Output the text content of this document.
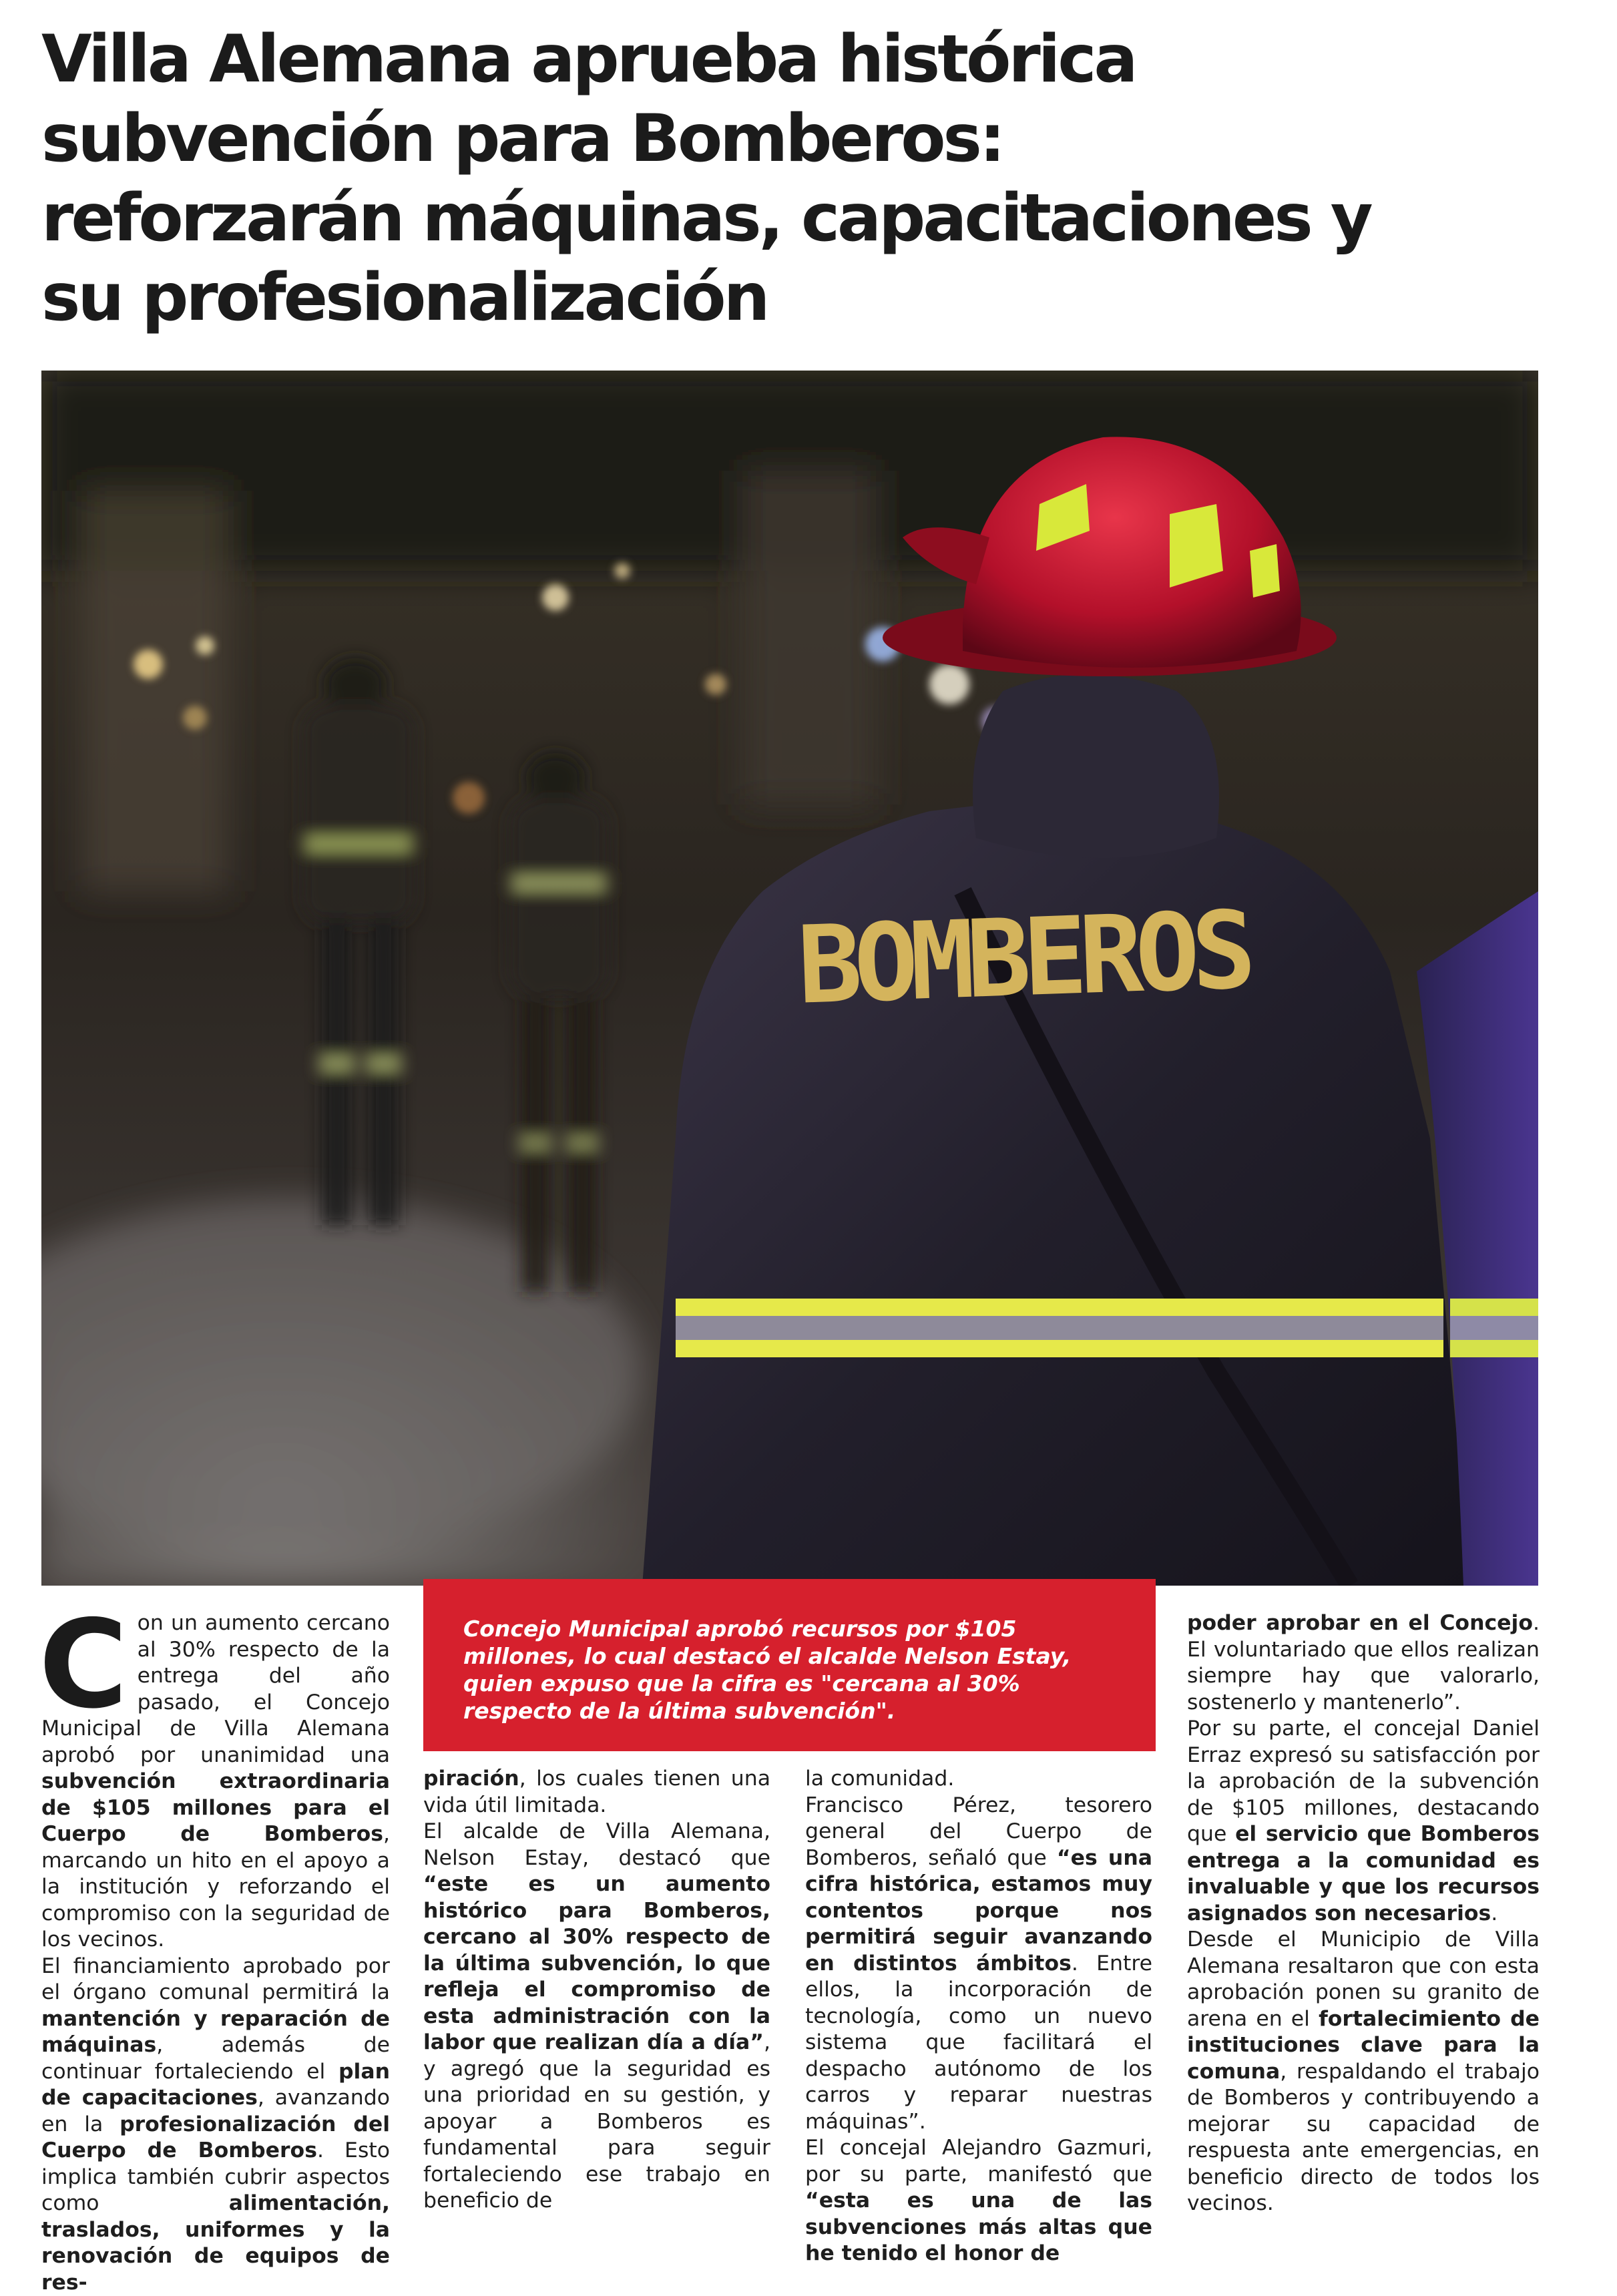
Villa Alemana aprueba histórica
subvención para Bomberos:
reforzarán máquinas, capacitaciones y
su profesionalización
BOMBEROS
Concejo Municipal aprobó recursos por $105 millones, lo cual destacó el alcalde Nelson Estay, quien expuso que la cifra es "cercana al 30% respecto de la última subvención".

Con un aumento cercano al 30% respecto de la entrega del año pasado, el Concejo Municipal de Villa Alemana aprobó por unanimidad una subvención extraordinaria de $105 millones para el Cuerpo de Bomberos, marcando un hito en el apoyo a la institución y reforzando el compromiso con la seguridad de los vecinos.

El financiamiento aprobado por el órgano comunal permitirá la mantención y reparación de máquinas, además de continuar fortaleciendo el plan de capacitaciones, avanzando en la profesionalización del Cuerpo de Bomberos. Esto implica también cubrir aspectos como alimentación, traslados, uniformes y la renovación de equipos de res-

piración, los cuales tienen una vida útil limitada.

El alcalde de Villa Alemana, Nelson Estay, destacó que “este es un aumento histórico para Bomberos, cercano al 30% respecto de la última subvención, lo que refleja el compromiso de esta administración con la labor que realizan día a día”, y agregó que la seguridad es una prioridad en su gestión, y apoyar a Bomberos es fundamental para seguir fortaleciendo ese trabajo en beneficio de

la comunidad.

Francisco Pérez, tesorero general del Cuerpo de Bomberos, señaló que “es una cifra histórica, estamos muy contentos porque nos permitirá seguir avanzando en distintos ámbitos. Entre ellos, la incorporación de tecnología, como un nuevo sistema que facilitará el despacho autónomo de los carros y reparar nuestras máquinas”.

El concejal Alejandro Gazmuri, por su parte, manifestó que “esta es una de las subvenciones más altas que he tenido el honor de

poder aprobar en el Concejo. El voluntariado que ellos realizan siempre hay que valorarlo, sostenerlo y mantenerlo”.

Por su parte, el concejal Daniel Erraz expresó su satisfacción por la aprobación de la subvención de $105 millones, destacando que el servicio que Bomberos entrega a la comunidad es invaluable y que los recursos asignados son necesarios.

Desde el Municipio de Villa Alemana resaltaron que con esta aprobación ponen su granito de arena en el fortalecimiento de instituciones clave para la comuna, respaldando el trabajo de Bomberos y contribuyendo a mejorar su capacidad de respuesta ante emergencias, en beneficio directo de todos los vecinos.
